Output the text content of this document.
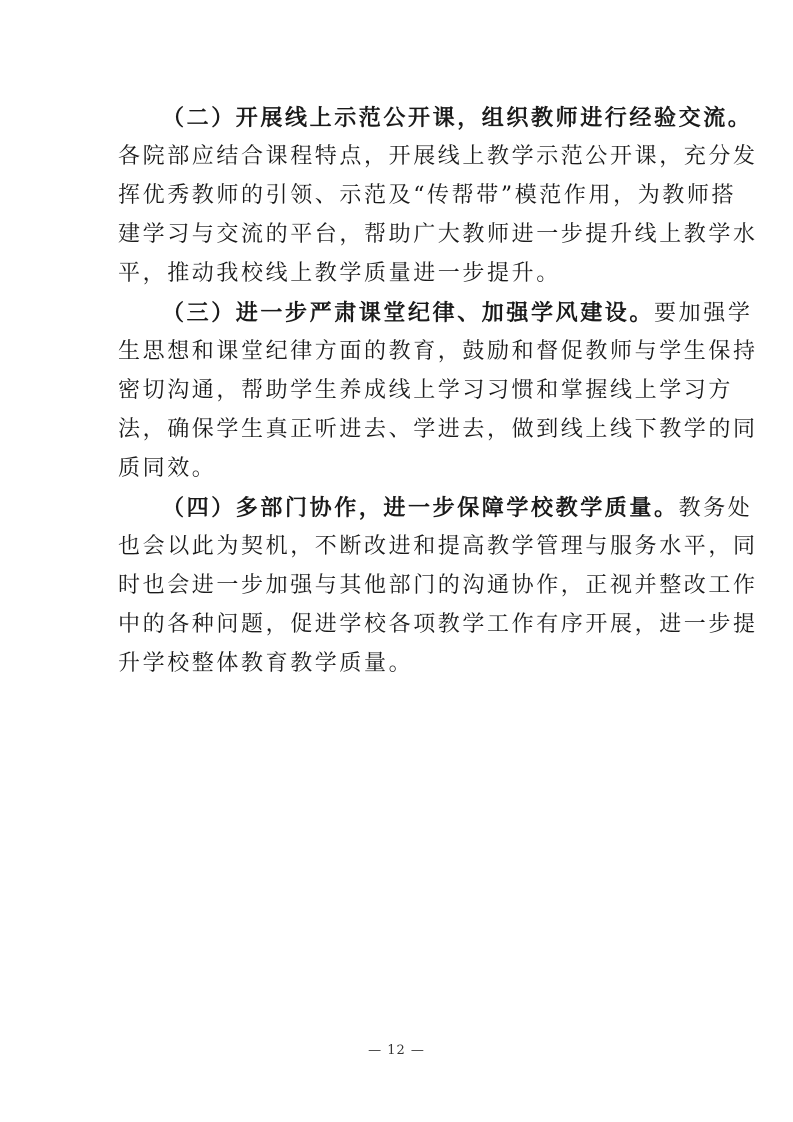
（二）开展线上示范公开课，组织教师进行经验交流。
各院部应结合课程特点，开展线上教学示范公开课，充分发
挥优秀教师的引领、示范及“传帮带”模范作用，为教师搭
建学习与交流的平台，帮助广大教师进一步提升线上教学水
平，推动我校线上教学质量进一步提升。
（三）进一步严肃课堂纪律、加强学风建设。要加强学
生思想和课堂纪律方面的教育，鼓励和督促教师与学生保持
密切沟通，帮助学生养成线上学习习惯和掌握线上学习方
法，确保学生真正听进去、学进去，做到线上线下教学的同
质同效。
（四）多部门协作，进一步保障学校教学质量。教务处
也会以此为契机，不断改进和提高教学管理与服务水平，同
时也会进一步加强与其他部门的沟通协作，正视并整改工作
中的各种问题，促进学校各项教学工作有序开展，进一步提
升学校整体教育教学质量。
— 12 —
